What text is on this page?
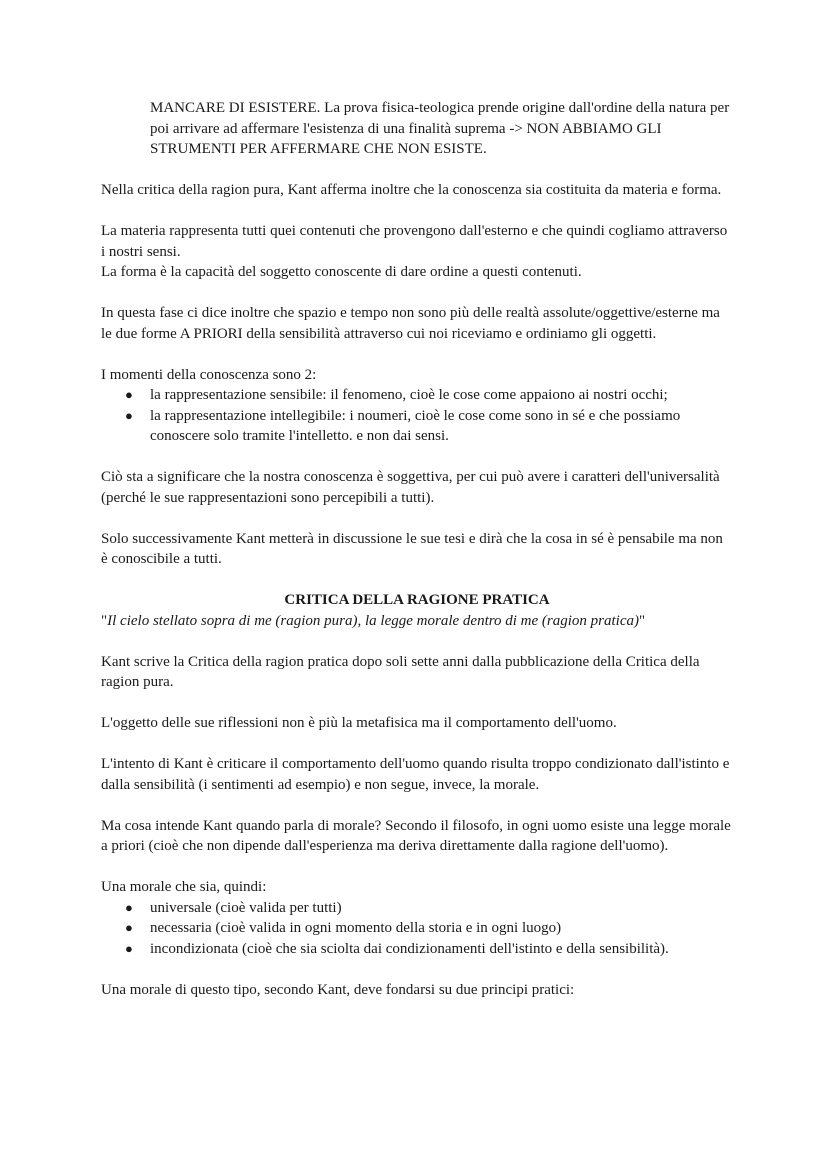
MANCARE DI ESISTERE. La prova fisica-teologica prende origine dall'ordine della natura per poi arrivare ad affermare l'esistenza di una finalità suprema -> NON ABBIAMO GLI STRUMENTI PER AFFERMARE CHE NON ESISTE.

Nella critica della ragion pura, Kant afferma inoltre che la conoscenza sia costituita da materia e forma.

La materia rappresenta tutti quei contenuti che provengono dall'esterno e che quindi cogliamo attraverso i nostri sensi.

La forma è la capacità del soggetto conoscente di dare ordine a questi contenuti.

In questa fase ci dice inoltre che spazio e tempo non sono più delle realtà assolute/oggettive/esterne ma le due forme A PRIORI della sensibilità attraverso cui noi riceviamo e ordiniamo gli oggetti.

I momenti della conoscenza sono 2:

● la rappresentazione sensibile: il fenomeno, cioè le cose come appaiono ai nostri occhi;
● la rappresentazione intellegibile: i noumeri, cioè le cose come sono in sé e che possiamo conoscere solo tramite l'intelletto. e non dai sensi.

Ciò sta a significare che la nostra conoscenza è soggettiva, per cui può avere i caratteri dell'universalità (perché le sue rappresentazioni sono percepibili a tutti).

Solo successivamente Kant metterà in discussione le sue tesi e dirà che la cosa in sé è pensabile ma non è conoscibile a tutti.

CRITICA DELLA RAGIONE PRATICA

"Il cielo stellato sopra di me (ragion pura), la legge morale dentro di me (ragion pratica)"

Kant scrive la Critica della ragion pratica dopo soli sette anni dalla pubblicazione della Critica della ragion pura.

L'oggetto delle sue riflessioni non è più la metafisica ma il comportamento dell'uomo.

L'intento di Kant è criticare il comportamento dell'uomo quando risulta troppo condizionato dall'istinto e dalla sensibilità (i sentimenti ad esempio) e non segue, invece, la morale.

Ma cosa intende Kant quando parla di morale? Secondo il filosofo, in ogni uomo esiste una legge morale a priori (cioè che non dipende dall'esperienza ma deriva direttamente dalla ragione dell'uomo).

Una morale che sia, quindi:

● universale (cioè valida per tutti)
● necessaria (cioè valida in ogni momento della storia e in ogni luogo)
● incondizionata (cioè che sia sciolta dai condizionamenti dell'istinto e della sensibilità).

Una morale di questo tipo, secondo Kant, deve fondarsi su due principi pratici:
